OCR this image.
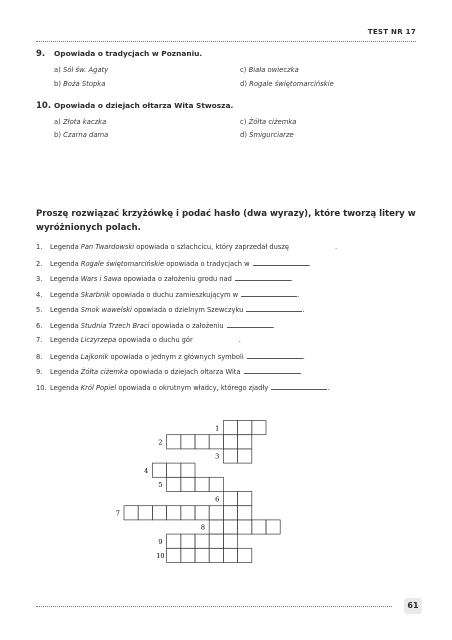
TEST NR 17
9. Opowiada o tradycjach w Poznaniu.
a) Sól św. Agaty
b) Boża Stopka
c) Biała owieczka
d) Rogale świętomarcińskie
10. Opowiada o dziejach ołtarza Wita Stwosza.
a) Złota kaczka
b) Czarna dama
c) Żółta ciżemka
d) Śmigurciarze
Proszę rozwiązać krzyżówkę i podać hasło (dwa wyrazy), które tworzą litery w wyróżnionych polach.
1. Legenda Pan Twardowski opowiada o szlachcicu, który zaprzedał duszę	.
2. Legenda Rogale świętomarcińskie opowiada o tradycjach w	.
3. Legenda Wars i Sawa opowiada o założeniu grodu nad	.
4. Legenda Skarbnik opowiada o duchu zamieszkującym w	.
5. Legenda Smok wawelski opowiada o dzielnym Szewczyku	.
6. Legenda Studnia Trzech Braci opowiada o założeniu	.
7. Legenda Liczyrzepa opowiada o duchu gór	.
8. Legenda Lajkonik opowiada o jednym z głównych symboli	.
9. Legenda Żółta ciżemka opowiada o dziejach ołtarza Wita	.
10. Legenda Król Popiel opowiada o okrutnym władcy, którego zjadły	.
1
2
3
4
5
6
7
8
9
10
61
